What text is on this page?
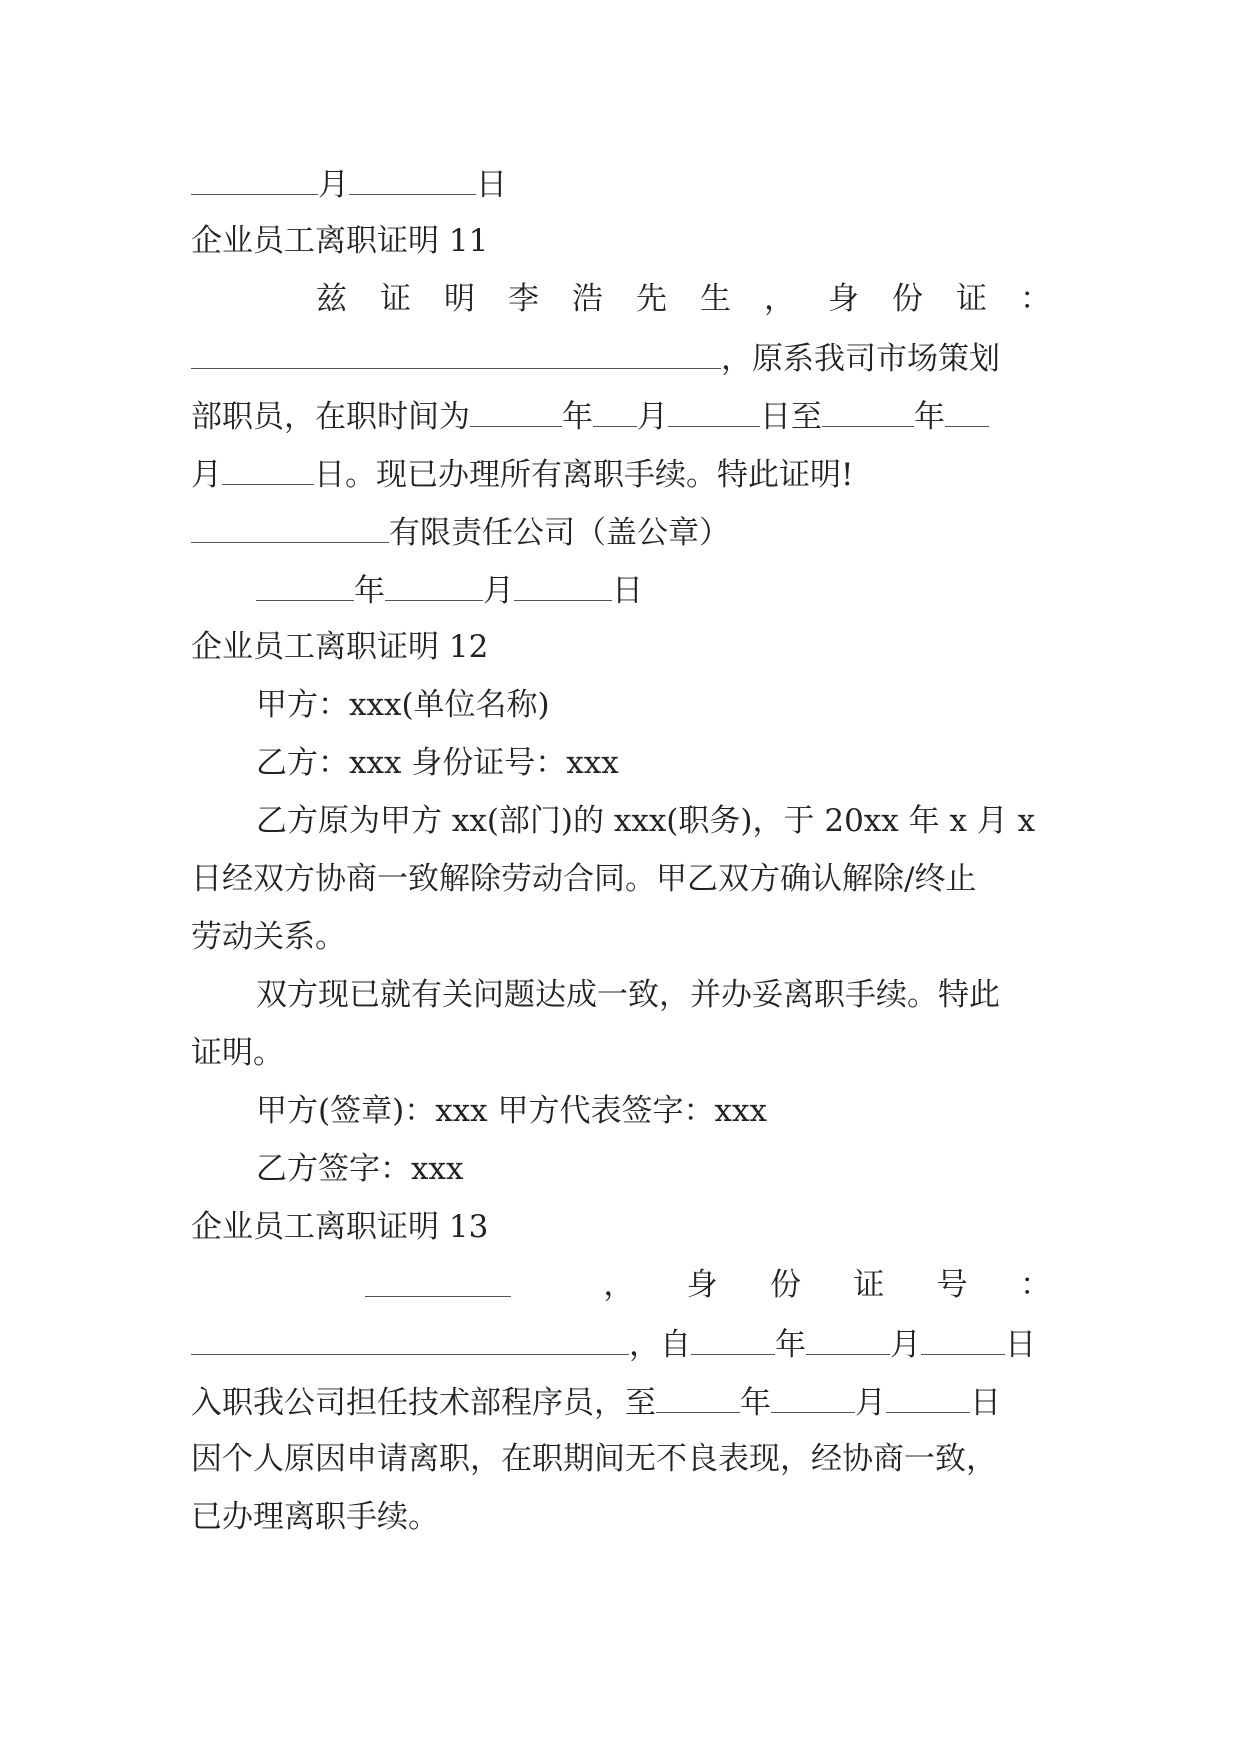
月	日
企业员工离职证明 11
兹 证 明 李 浩 先 生 ， 身 份 证 ：
，原系我司市场策划
部职员，在职时间为	年 月	日至	年
月	日。现已办理所有离职手续。特此证明!
有限责任公司（盖公章）
年	月	日
企业员工离职证明 12
甲方：xxx(单位名称)
乙方：xxx 身份证号：xxx
乙方原为甲方 xx(部门)的 xxx(职务)，于 20xx 年 x 月 x
日经双方协商一致解除劳动合同。甲乙双方确认解除/终止
劳动关系。
双方现已就有关问题达成一致，并办妥离职手续。特此
证明。
甲方(签章)：xxx 甲方代表签字：xxx
乙方签字：xxx
企业员工离职证明 13
， 身 份 证 号 ：
，自	年	月	日
入职我公司担任技术部程序员，至	年	月	日
因个人原因申请离职，在职期间无不良表现，经协商一致，
已办理离职手续。
